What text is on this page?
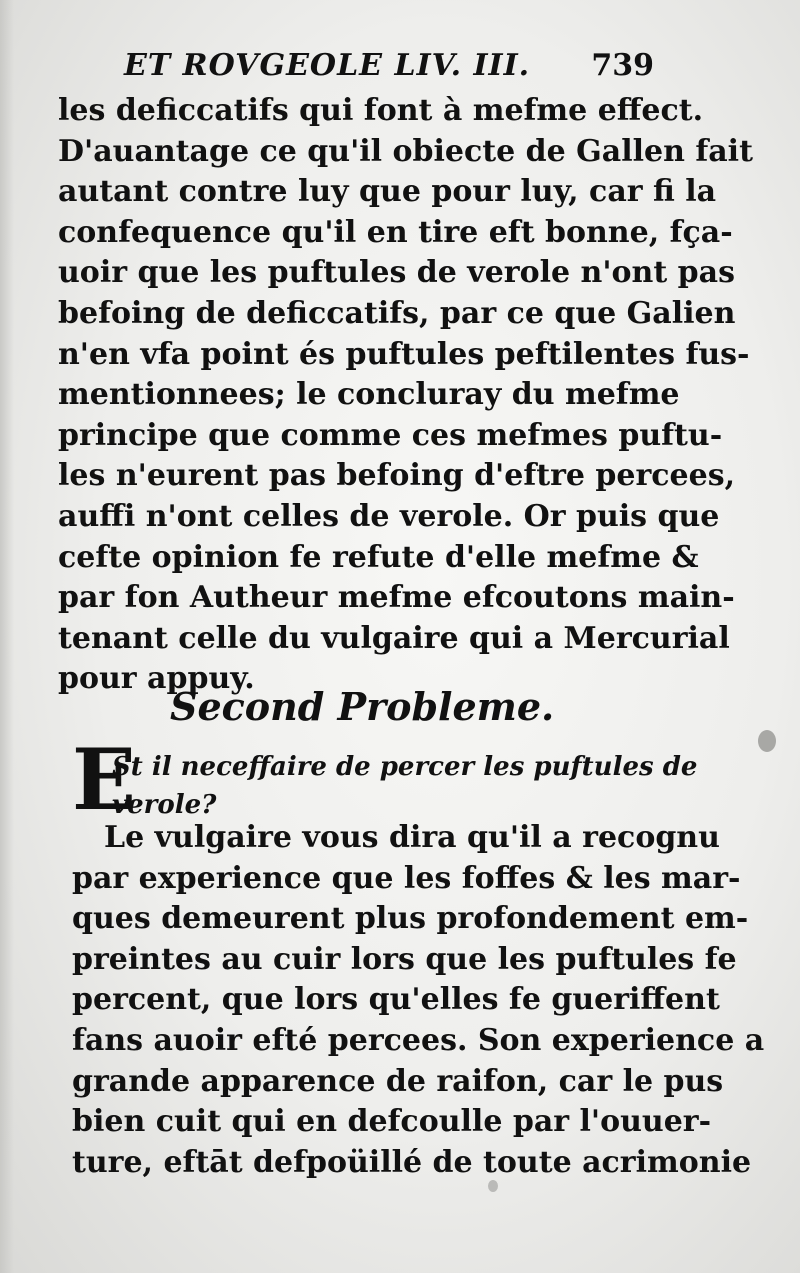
ET ROVGEOLE LIV. III.	739
les deficcatifs qui font à mefme effect.
D'auantage ce qu'il obiecte de Gallen fait
autant contre luy que pour luy, car fi la
confequence qu'il en tire eft bonne, fça-
uoir que les puftules de verole n'ont pas
befoing de deficcatifs, par ce que Galien
n'en vfa point és puftules peftilentes fus-
mentionnees; le concluray du mefme
principe que comme ces mefmes puftu-
les n'eurent pas befoing d'eftre percees,
auffi n'ont celles de verole. Or puis que
cefte opinion fe refute d'elle mefme &
par fon Autheur mefme efcoutons main-
tenant celle du vulgaire qui a Mercurial
pour appuy.
Second Probleme.
E
St il neceffaire de percer les puftules de
verole?
Le vulgaire vous dira qu'il a recognu
par experience que les foffes & les mar-
ques demeurent plus profondement em-
preintes au cuir lors que les puftules fe
percent, que lors qu'elles fe gueriffent
fans auoir efté percees. Son experience a
grande apparence de raifon, car le pus
bien cuit qui en defcoulle par l'ouuer-
ture, eftāt defpoüillé de toute acrimonie
